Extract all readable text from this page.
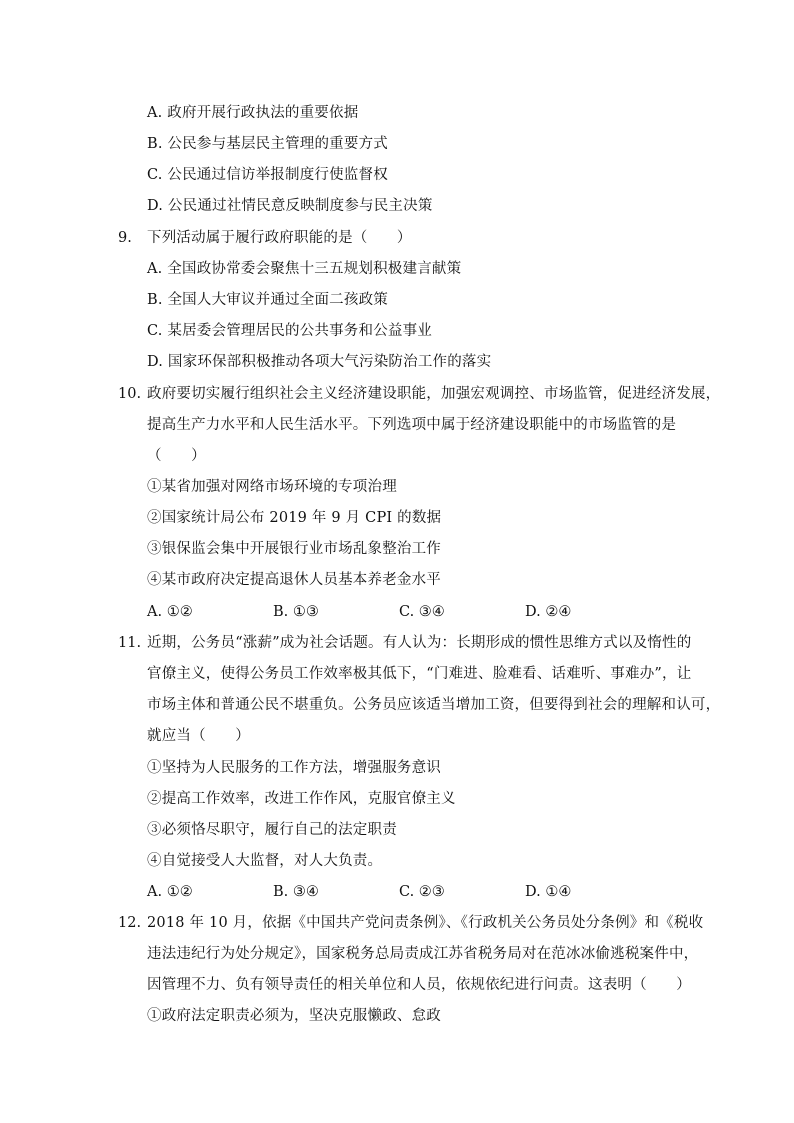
A. 政府开展行政执法的重要依据
B. 公民参与基层民主管理的重要方式
C. 公民通过信访举报制度行使监督权
D. 公民通过社情民意反映制度参与民主决策
9. 下列活动属于履行政府职能的是（　　）
A. 全国政协常委会聚焦十三五规划积极建言献策
B. 全国人大审议并通过全面二孩政策
C. 某居委会管理居民的公共事务和公益事业
D. 国家环保部积极推动各项大气污染防治工作的落实
10. 政府要切实履行组织社会主义经济建设职能，加强宏观调控、市场监管，促进经济发展，
提高生产力水平和人民生活水平。下列选项中属于经济建设职能中的市场监管的是
（　　）
①某省加强对网络市场环境的专项治理
②国家统计局公布 2019 年 9 月 CPI 的数据
③银保监会集中开展银行业市场乱象整治工作
④某市政府决定提高退休人员基本养老金水平
A. ①②	B. ①③	C. ③④	D. ②④
11. 近期，公务员“涨薪”成为社会话题。有人认为：长期形成的惯性思维方式以及惰性的
官僚主义，使得公务员工作效率极其低下，“门难进、脸难看、话难听、事难办”，让
市场主体和普通公民不堪重负。公务员应该适当增加工资，但要得到社会的理解和认可，
就应当（　　）
①坚持为人民服务的工作方法，增强服务意识
②提高工作效率，改进工作作风，克服官僚主义
③必须恪尽职守，履行自己的法定职责
④自觉接受人大监督，对人大负责。
A. ①②	B. ③④	C. ②③	D. ①④
12. 2018 年 10 月，依据《中国共产党问责条例》、《行政机关公务员处分条例》和《税收
违法违纪行为处分规定》，国家税务总局责成江苏省税务局对在范冰冰偷逃税案件中，
因管理不力、负有领导责任的相关单位和人员，依规依纪进行问责。这表明（　　）
①政府法定职责必须为，坚决克服懒政、怠政
